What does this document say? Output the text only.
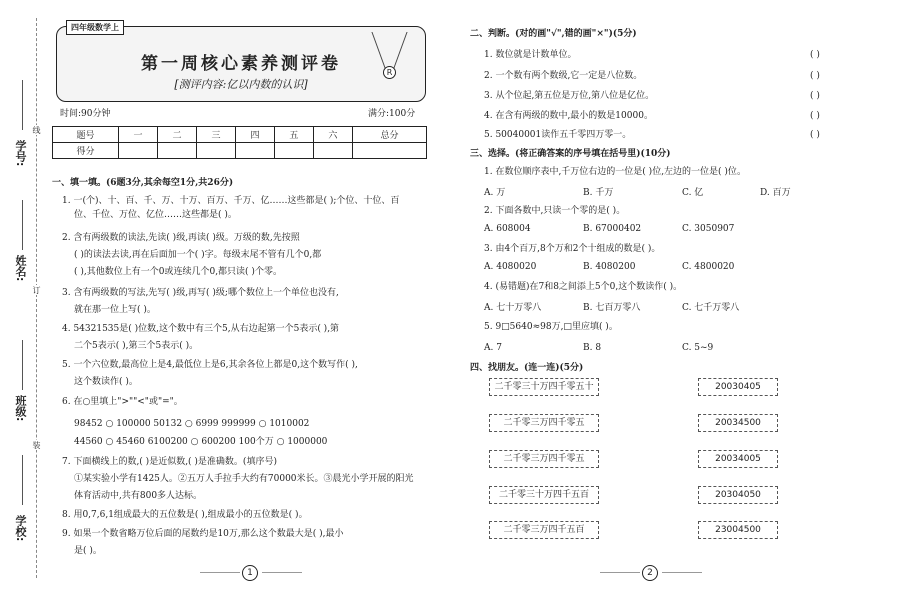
学校:
班级:
姓名:
学号:
装
订
线
第一周核心素养测评卷
[测评内容:亿以内数的认识]
四年级数学上
R
时间:90分钟	满分:100分
题号	一	二	三	四	五	六	总分
得分							
一、填一填。(6题3分,其余每空1分,共26分)
1. 一(个)、十、百、千、万、十万、百万、千万、亿……这些都是( );个位、十位、百
位、千位、万位、亿位……这些都是( )。
2. 含有两级数的读法,先读( )级,再读( )级。万级的数,先按照
( )的读法去读,再在后面加一个( )字。每级末尾不管有几个0,都
( ),其他数位上有一个0或连续几个0,都只读( )个零。
3. 含有两级数的写法,先写( )级,再写( )级;哪个数位上一个单位也没有,
就在那一位上写( )。
4. 54321535是( )位数,这个数中有三个5,从右边起第一个5表示( ),第
二个5表示( ),第三个5表示( )。
5. 一个六位数,最高位上是4,最低位上是6,其余各位上都是0,这个数写作( ),
这个数读作( )。
6. 在○里填上">""<"或"="。
98452 ○ 100000 50132 ○ 6999 999999 ○ 1010002
44560 ○ 45460 6100200 ○ 600200 100个万 ○ 1000000
7. 下面横线上的数,( )是近似数,( )是准确数。(填序号)
①某实验小学有1425人。②五万人手拉手大约有70000米长。③晨光小学开展的阳光
体育活动中,共有800多人达标。
8. 用0,7,6,1组成最大的五位数是( ),组成最小的五位数是( )。
9. 如果一个数省略万位后面的尾数约是10万,那么这个数最大是( ),最小
是( )。
二、判断。(对的画"√",错的画"×")(5分)
1. 数位就是计数单位。
2. 一个数有两个数级,它一定是八位数。
3. 从个位起,第五位是万位,第八位是亿位。
4. 在含有两级的数中,最小的数是10000。
5. 50040001读作五千零四万零一。
( )
( )
( )
( )
( )
三、选择。(将正确答案的序号填在括号里)(10分)
1. 在数位顺序表中,千万位右边的一位是( )位,左边的一位是( )位。
A. 万	B. 千万	C. 亿	D. 百万
2. 下面各数中,只读一个零的是( )。
A. 608004	B. 67000402	C. 3050907
3. 由4个百万,8个万和2个十组成的数是( )。
A. 4080020	B. 4080200	C. 4800020
4. (易错题)在7和8之间添上5个0,这个数读作( )。
A. 七十万零八	B. 七百万零八	C. 七千万零八
5. 9□5640≈98万,□里应填( )。
A. 7	B. 8	C. 5~9
四、找朋友。(连一连)(5分)
二千零三十万四千零五十
二千零三万四千零五
二千零三万四千零五
二千零三十万四千五百
二千零三万四千五百
20030405
20034500
20034005
20304050
23004500
1	2
